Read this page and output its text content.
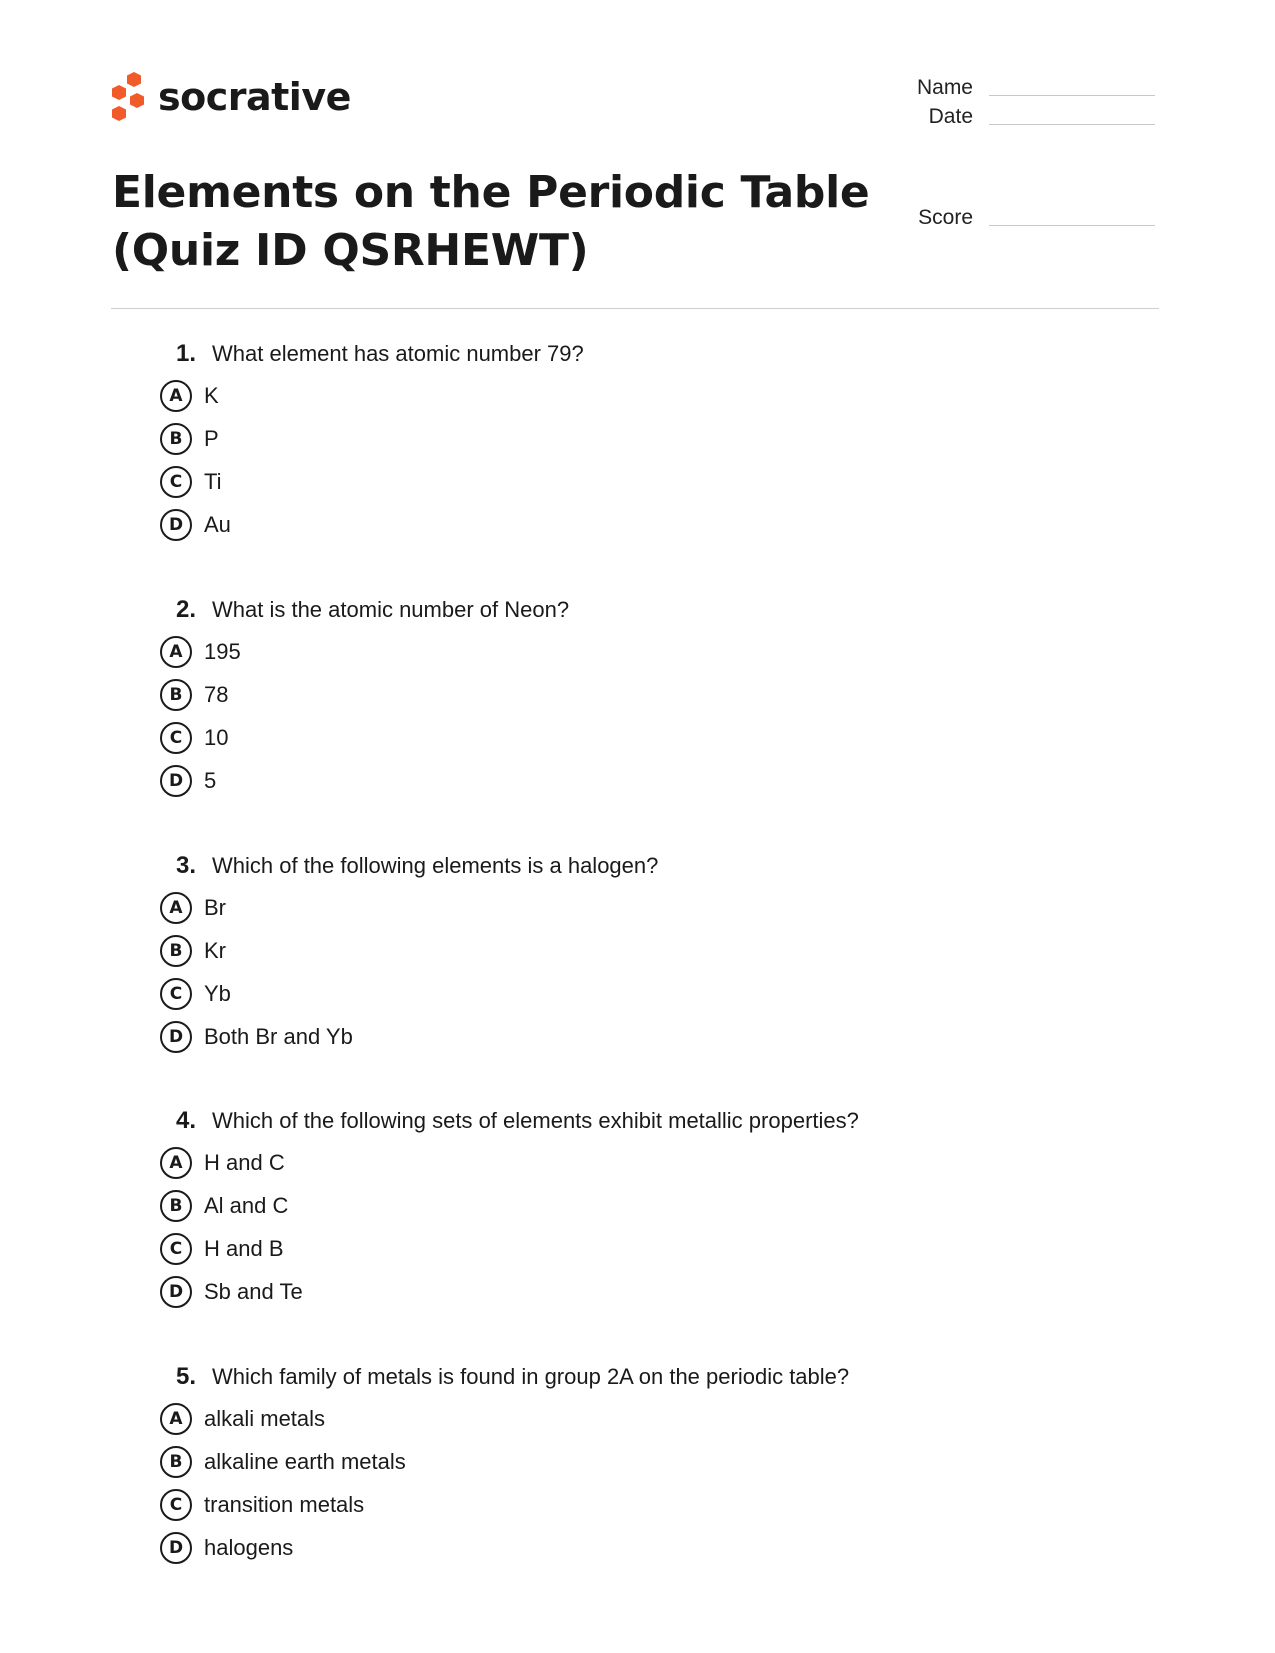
socrative	Name
Date
Score
Elements on the Periodic Table (Quiz ID QSRHEWT)
1. What element has atomic number 79?
A K
B P
C Ti
D Au
2. What is the atomic number of Neon?
A 195
B 78
C 10
D 5
3. Which of the following elements is a halogen?
A Br
B Kr
C Yb
D Both Br and Yb
4. Which of the following sets of elements exhibit metallic properties?
A H and C
B Al and C
C H and B
D Sb and Te
5. Which family of metals is found in group 2A on the periodic table?
A alkali metals
B alkaline earth metals
C transition metals
D halogens
